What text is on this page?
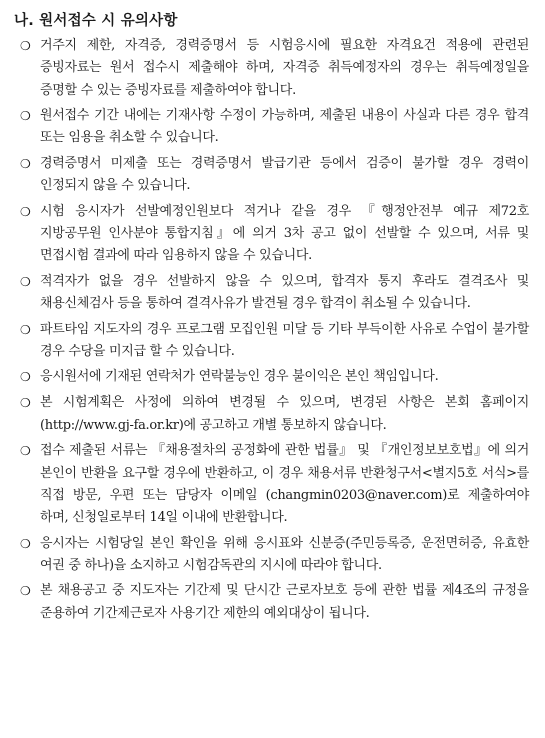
나. 원서접수 시 유의사항
❍ 거주지 제한, 자격증, 경력증명서 등 시험응시에 필요한 자격요건 적용에 관련된 증빙자료는 원서 접수시 제출해야 하며, 자격증 취득예정자의 경우는 취득예정일을 증명할 수 있는 증빙자료를 제출하여야 합니다.
❍ 원서접수 기간 내에는 기재사항 수정이 가능하며, 제출된 내용이 사실과 다른 경우 합격 또는 임용을 취소할 수 있습니다.
❍ 경력증명서 미제출 또는 경력증명서 발급기관 등에서 검증이 불가할 경우 경력이 인정되지 않을 수 있습니다.
❍ 시험 응시자가 선발예정인원보다 적거나 같을 경우 『행정안전부 예규 제72호 지방공무원 인사분야 통합지침』에 의거 3차 공고 없이 선발할 수 있으며, 서류 및 면접시험 결과에 따라 임용하지 않을 수 있습니다.
❍ 적격자가 없을 경우 선발하지 않을 수 있으며, 합격자 통지 후라도 결격조사 및 채용신체검사 등을 통하여 결격사유가 발견될 경우 합격이 취소될 수 있습니다.
❍ 파트타임 지도자의 경우 프로그램 모집인원 미달 등 기타 부득이한 사유로 수업이 불가할 경우 수당을 미지급 할 수 있습니다.
❍ 응시원서에 기재된 연락처가 연락불능인 경우 불이익은 본인 책임입니다.
❍ 본 시험계획은 사정에 의하여 변경될 수 있으며, 변경된 사항은 본회 홈페이지 (http://www.gj-fa.or.kr)에 공고하고 개별 통보하지 않습니다.
❍ 접수 제출된 서류는 『채용절차의 공정화에 관한 법률』 및 『개인정보보호법』에 의거 본인이 반환을 요구할 경우에 반환하고, 이 경우 채용서류 반환청구서<별지5호 서식>를 직접 방문, 우편 또는 담당자 이메일 (changmin0203@naver.com)로 제출하여야 하며, 신청일로부터 14일 이내에 반환합니다.
❍ 응시자는 시험당일 본인 확인을 위해 응시표와 신분증(주민등록증, 운전면허증, 유효한 여권 중 하나)을 소지하고 시험감독관의 지시에 따라야 합니다.
❍ 본 채용공고 중 지도자는 기간제 및 단시간 근로자보호 등에 관한 법률 제4조의 규정을 준용하여 기간제근로자 사용기간 제한의 예외대상이 됩니다.
